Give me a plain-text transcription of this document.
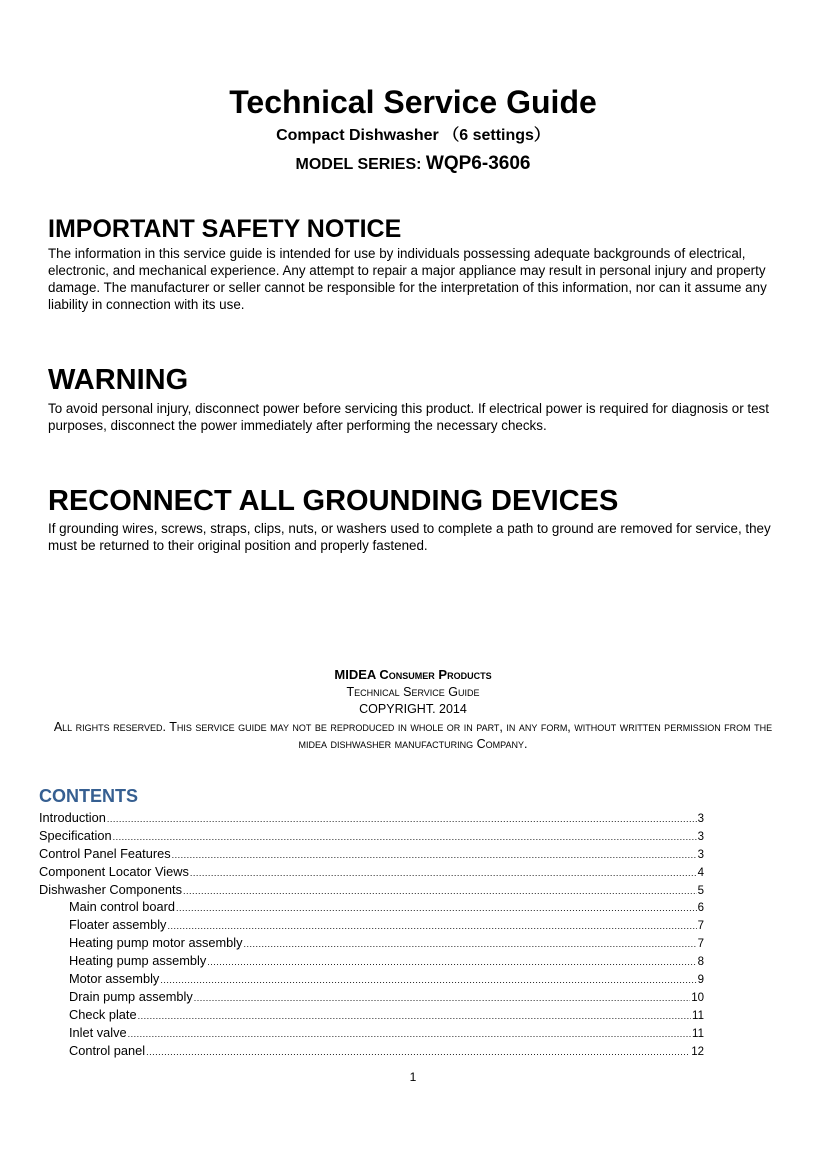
Technical Service Guide
Compact Dishwasher （6 settings）
MODEL SERIES: WQP6-3606
IMPORTANT SAFETY NOTICE
The information in this service guide is intended for use by individuals possessing adequate backgrounds of electrical, electronic, and mechanical experience. Any attempt to repair a major appliance may result in personal injury and property damage. The manufacturer or seller cannot be responsible for the interpretation of this information, nor can it assume any liability in connection with its use.
WARNING
To avoid personal injury, disconnect power before servicing this product. If electrical power is required for diagnosis or test purposes, disconnect the power immediately after performing the necessary checks.
RECONNECT ALL GROUNDING DEVICES
If grounding wires, screws, straps, clips, nuts, or washers used to complete a path to ground are removed for service, they must be returned to their original position and properly fastened.
MIDEA Consumer Products
Technical Service Guide
COPYRIGHT. 2014
All rights reserved. This service guide may not be reproduced in whole or in part, in any form, without written permission from the midea dishwasher manufacturing Company.
CONTENTS
Introduction .....	3
Specification .....	3
Control Panel Features .....	3
Component Locator Views .....	4
Dishwasher Components .....	5
Main control board .....	6
Floater assembly .....	7
Heating pump motor assembly .....	7
Heating pump assembly .....	8
Motor assembly .....	9
Drain pump assembly .....	10
Check plate .....	11
Inlet valve .....	11
Control panel .....	12
1
